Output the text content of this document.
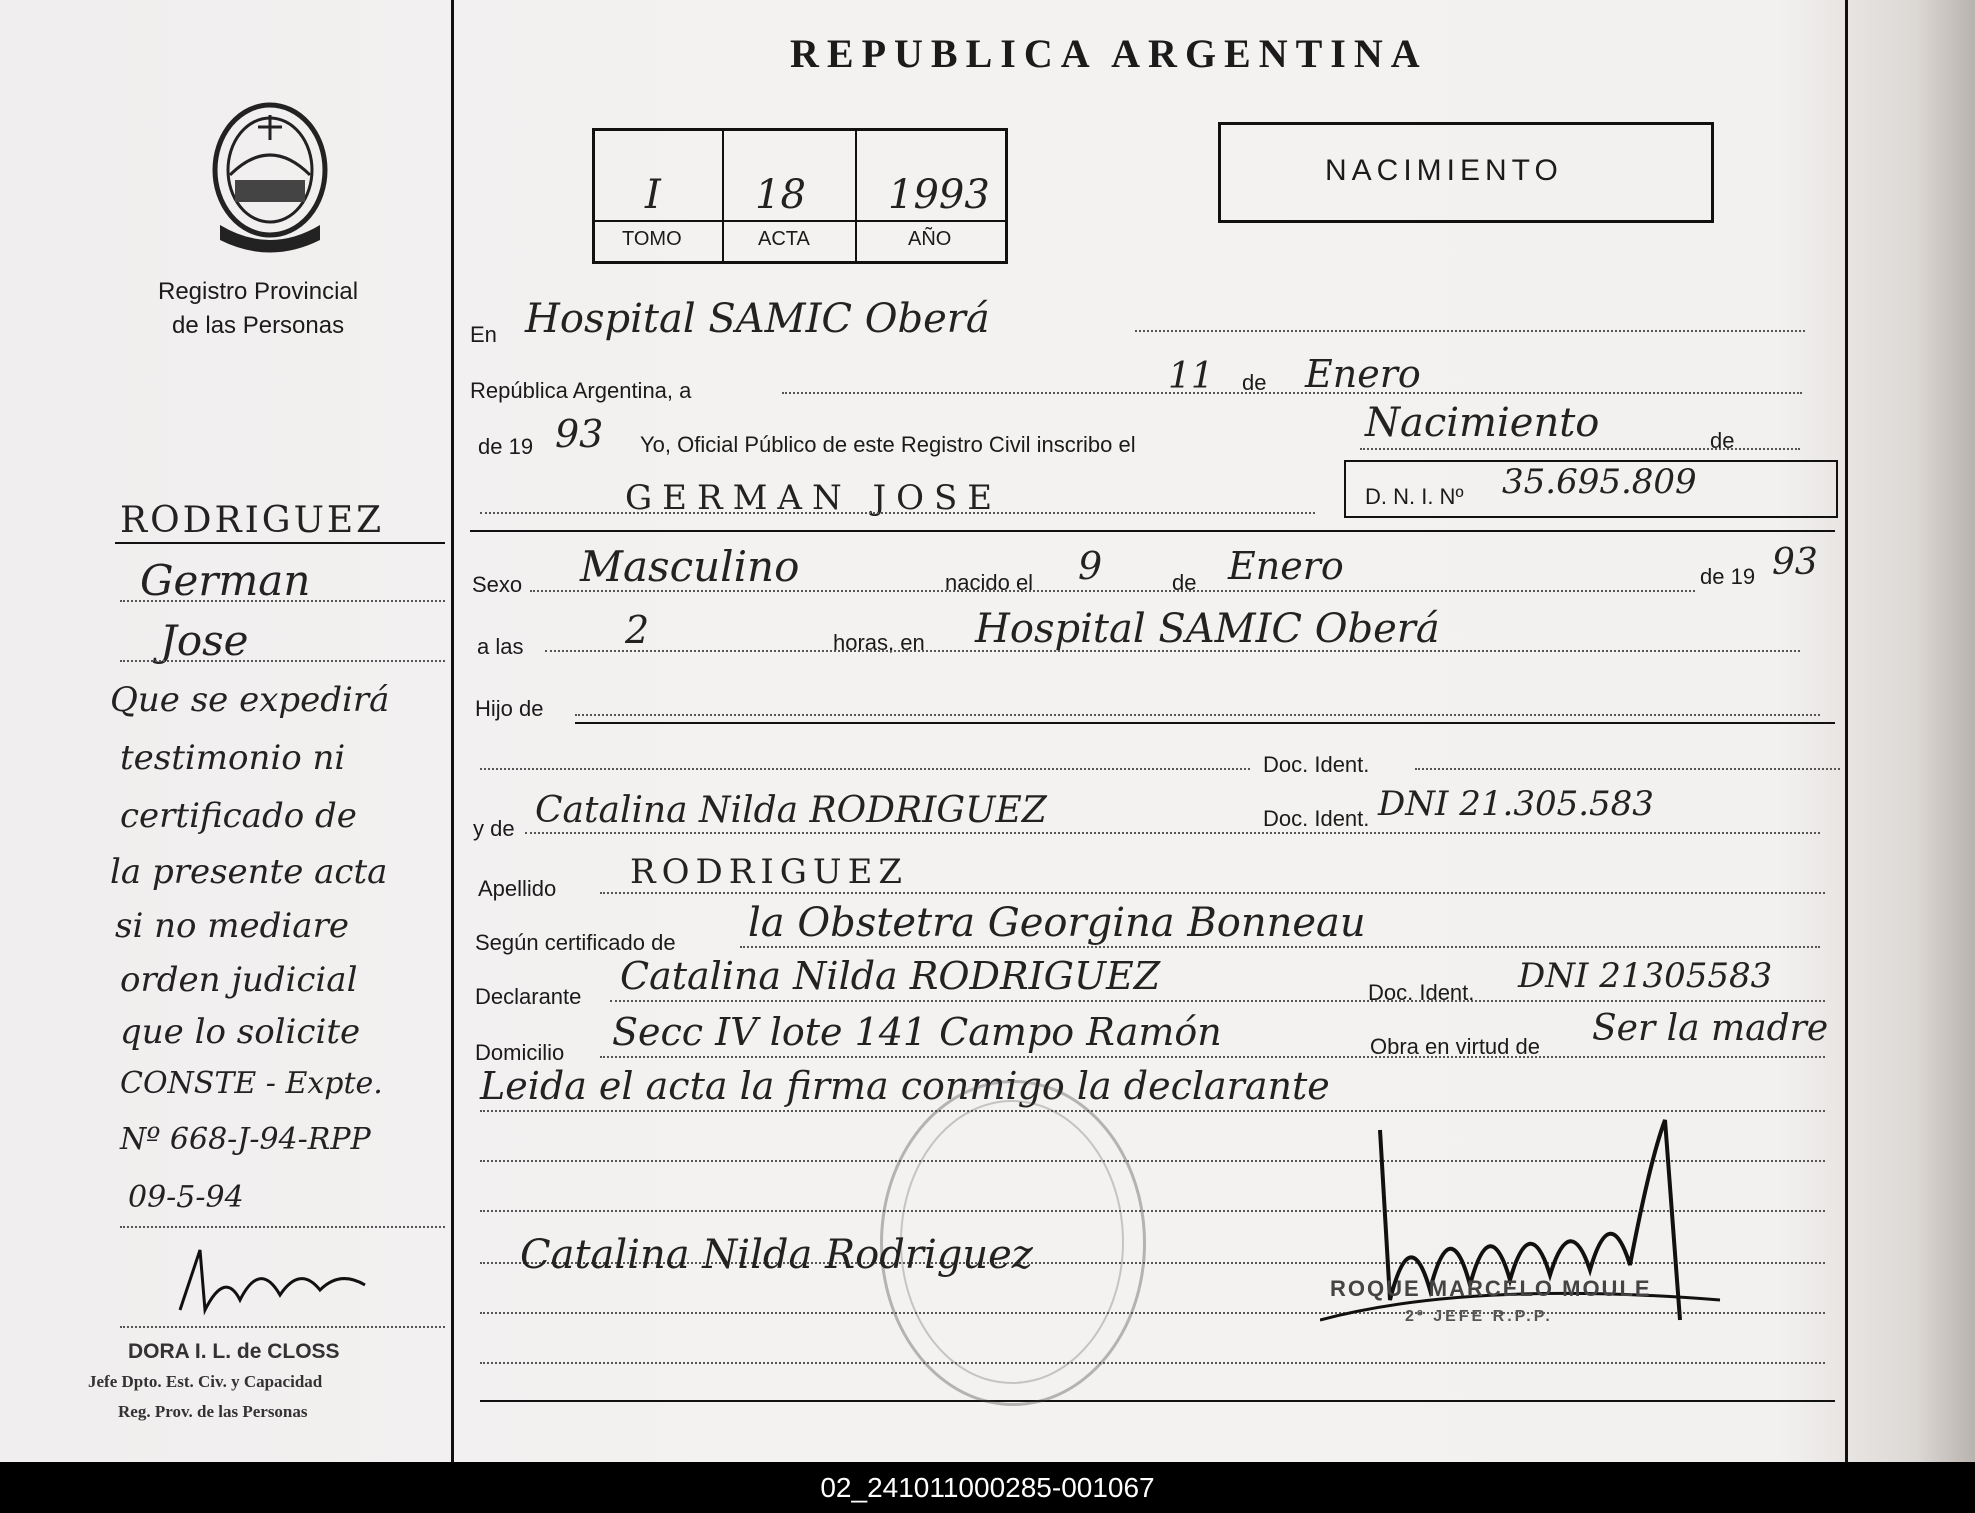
Registro Provincial
de las Personas
REPUBLICA ARGENTINA
I 18 1993
TOMO	ACTA	AÑO
NACIMIENTO
En Hospital SAMIC Oberá
República Argentina, a	11 de Enero
de 19 93 Yo, Oficial Público de este Registro Civil inscribo el	Nacimiento	de
GERMAN JOSE	D. N. I. Nº 35.695.809
Sexo Masculino	nacido el 9	de Enero	de 19 93
a las	2	horas, en Hospital SAMIC Oberá
Hijo de
Doc. Ident.
y de Catalina Nilda RODRIGUEZ	Doc. Ident. DNI 21.305.583
Apellido RODRIGUEZ
Según certificado de la Obstetra Georgina Bonneau
Declarante Catalina Nilda RODRIGUEZ	Doc. Ident. DNI 21305583
Domicilio Secc IV lote 141 Campo Ramón	Obra en virtud de Ser la madre
Leida el acta la firma conmigo la declarante
Catalina Nilda Rodriguez
ROQUE MARCELO MOULE
2º JEFE R.P.P.
RODRIGUEZ
German
Jose
Que se expedirá
testimonio ni
certificado de
la presente acta
si no mediare
orden judicial
que lo solicite
CONSTE - Expte.
Nº 668-J-94-RPP
09-5-94
DORA I. L. de CLOSS
Jefe Dpto. Est. Civ. y Capacidad
Reg. Prov. de las Personas
02_241011000285-001067
